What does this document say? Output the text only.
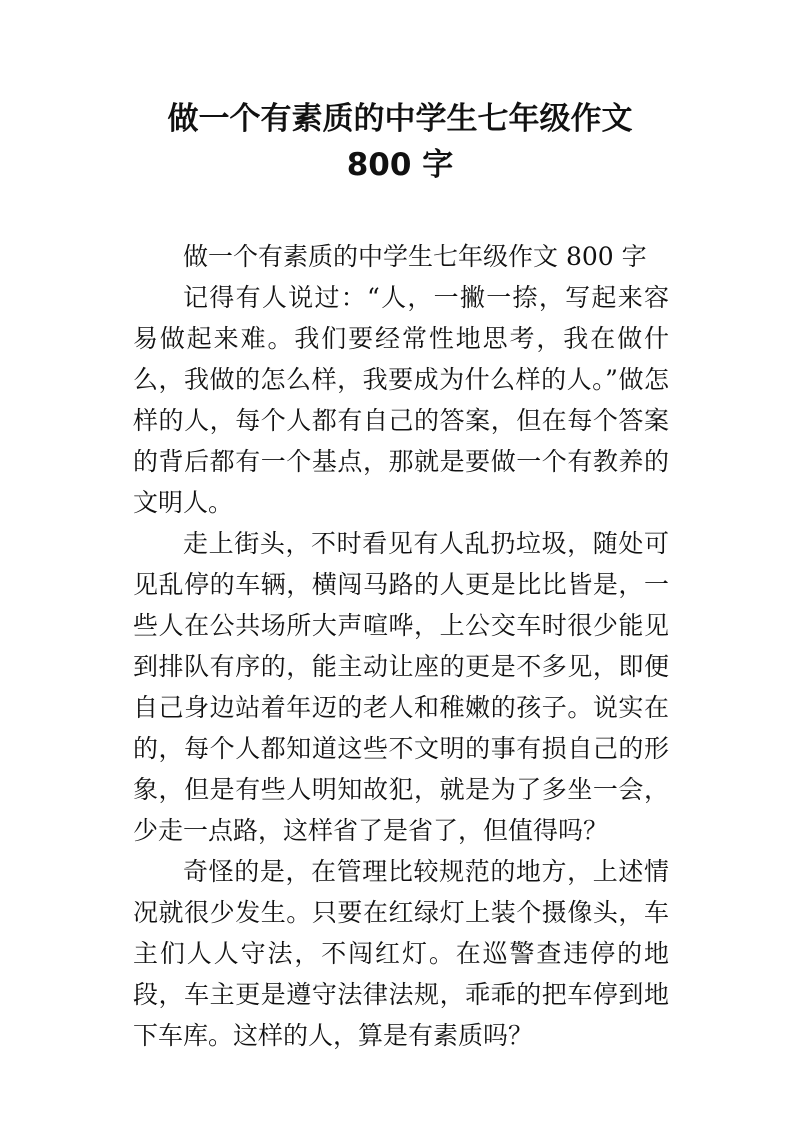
做一个有素质的中学生七年级作文
800 字

做一个有素质的中学生七年级作文 800 字

记得有人说过：“人，一撇一捺，写起来容易做起来难。我们要经常性地思考，我在做什么，我做的怎么样，我要成为什么样的人。”做怎样的人，每个人都有自己的答案，但在每个答案的背后都有一个基点，那就是要做一个有教养的文明人。

走上街头，不时看见有人乱扔垃圾，随处可见乱停的车辆，横闯马路的人更是比比皆是，一些人在公共场所大声喧哗，上公交车时很少能见到排队有序的，能主动让座的更是不多见，即便自己身边站着年迈的老人和稚嫩的孩子。说实在的，每个人都知道这些不文明的事有损自己的形象，但是有些人明知故犯，就是为了多坐一会，少走一点路，这样省了是省了，但值得吗？

奇怪的是，在管理比较规范的地方，上述情况就很少发生。只要在红绿灯上装个摄像头，车主们人人守法，不闯红灯。在巡警查违停的地段，车主更是遵守法律法规，乖乖的把车停到地下车库。这样的人，算是有素质吗？
